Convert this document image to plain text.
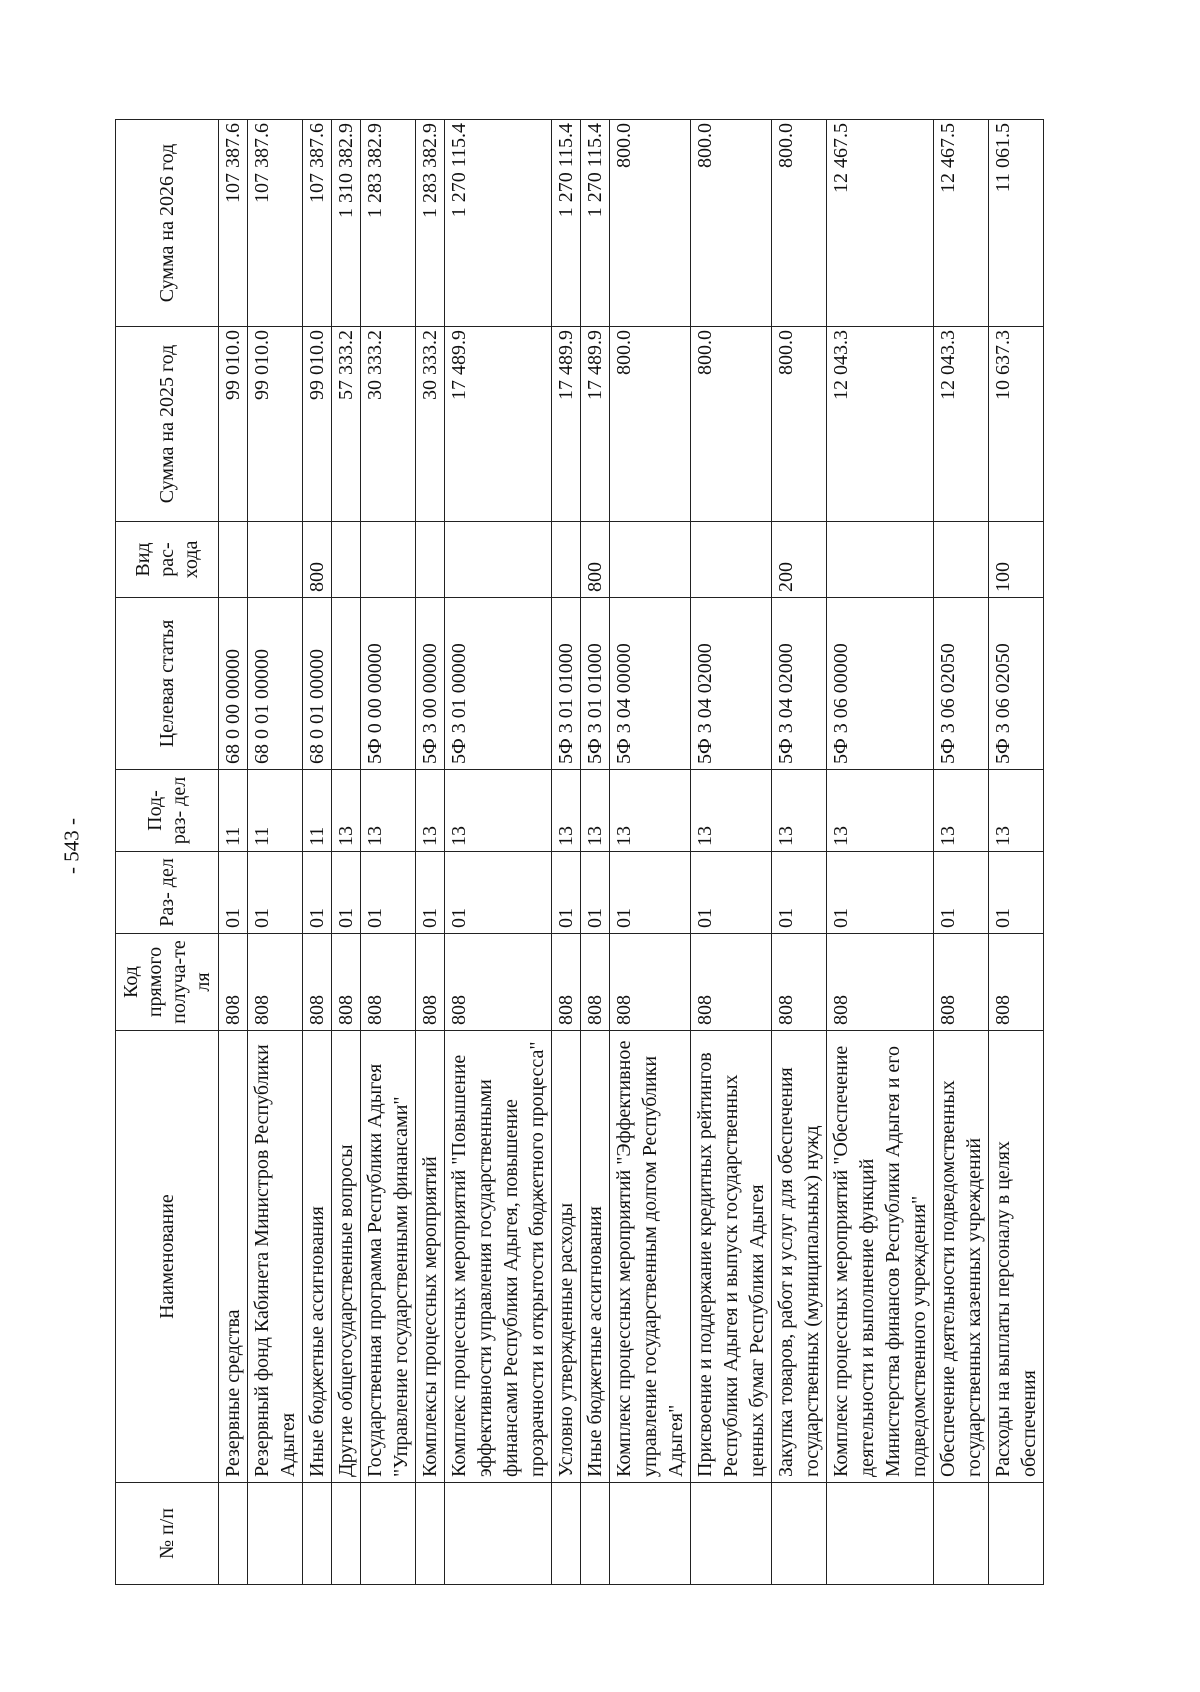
- 543 -
№ п/п	Наименование	Код прямого получа-те ля	Раз- дел	Под- раз- дел	Целевая статья	Вид рас- хода	Сумма на 2025 год	Сумма на 2026 год
	Резервные средства	808	01	11	68 0 00 00000		99 010.0	107 387.6
	Резервный фонд Кабинета Министров Республики Адыгея	808	01	11	68 0 01 00000		99 010.0	107 387.6
	Иные бюджетные ассигнования	808	01	11	68 0 01 00000	800	99 010.0	107 387.6
	Другие общегосударственные вопросы	808	01	13			57 333.2	1 310 382.9
	Государственная программа Республики Адыгея "Управление государственными финансами"	808	01	13	5Ф 0 00 00000		30 333.2	1 283 382.9
	Комплексы процессных мероприятий	808	01	13	5Ф 3 00 00000		30 333.2	1 283 382.9
	Комплекс процессных мероприятий "Повышение эффективности управления государственными финансами Республики Адыгея, повышение прозрачности и открытости бюджетного процесса"	808	01	13	5Ф 3 01 00000		17 489.9	1 270 115.4
	Условно утвержденные расходы	808	01	13	5Ф 3 01 01000		17 489.9	1 270 115.4
	Иные бюджетные ассигнования	808	01	13	5Ф 3 01 01000	800	17 489.9	1 270 115.4
	Комплекс процессных мероприятий "Эффективное управление государственным долгом Республики Адыгея"	808	01	13	5Ф 3 04 00000		800.0	800.0
	Присвоение и поддержание кредитных рейтингов Республики Адыгея и выпуск государственных ценных бумаг Республики Адыгея	808	01	13	5Ф 3 04 02000		800.0	800.0
	Закупка товаров, работ и услуг для обеспечения государственных (муниципальных) нужд	808	01	13	5Ф 3 04 02000	200	800.0	800.0
	Комплекс процессных мероприятий "Обеспечение деятельности и выполнение функций Министерства финансов Республики Адыгея и его подведомственного учреждения"	808	01	13	5Ф 3 06 00000		12 043.3	12 467.5
	Обеспечение деятельности подведомственных государственных казенных учреждений	808	01	13	5Ф 3 06 02050		12 043.3	12 467.5
	Расходы на выплаты персоналу в целях обеспечения	808	01	13	5Ф 3 06 02050	100	10 637.3	11 061.5
